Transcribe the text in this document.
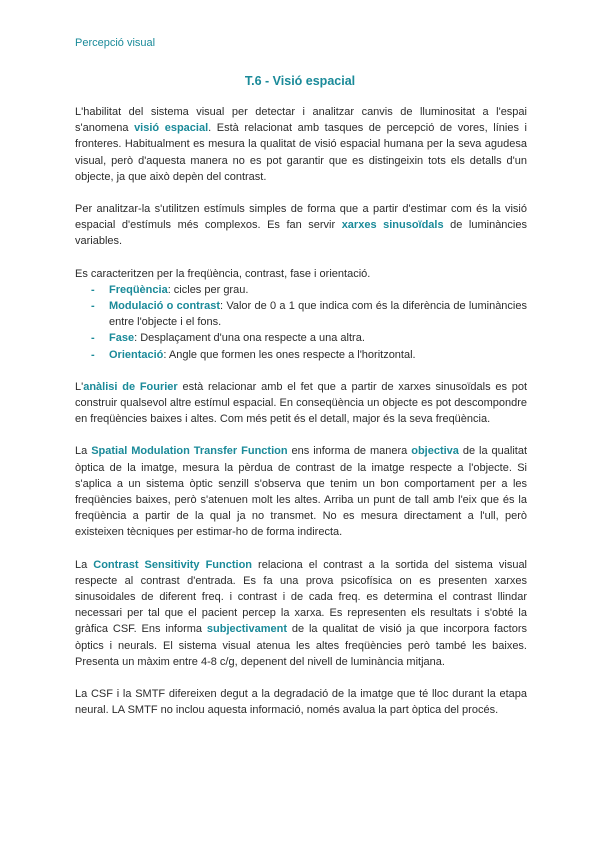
Percepció visual
T.6 - Visió espacial

L'habilitat del sistema visual per detectar i analitzar canvis de lluminositat a l'espai s'anomena visió espacial. Està relacionat amb tasques de percepció de vores, línies i fronteres. Habitualment es mesura la qualitat de visió espacial humana per la seva agudesa visual, però d'aquesta manera no es pot garantir que es distingeixin tots els detalls d'un objecte, ja que això depèn del contrast.

Per analitzar-la s'utilitzen estímuls simples de forma que a partir d'estimar com és la visió espacial d'estímuls més complexos. Es fan servir xarxes sinusoïdals de luminàncies variables.

Es caracteritzen per la freqüència, contrast, fase i orientació.

- Freqüència: cicles per grau.
- Modulació o contrast: Valor de 0 a 1 que indica com és la diferència de luminàncies entre l'objecte i el fons.
- Fase: Desplaçament d'una ona respecte a una altra.
- Orientació: Angle que formen les ones respecte a l'horitzontal.

L'anàlisi de Fourier està relacionar amb el fet que a partir de xarxes sinusoïdals es pot construir qualsevol altre estímul espacial. En conseqüència un objecte es pot descompondre en freqüències baixes i altes. Com més petit és el detall, major és la seva freqüència.

La Spatial Modulation Transfer Function ens informa de manera objectiva de la qualitat òptica de la imatge, mesura la pèrdua de contrast de la imatge respecte a l'objecte. Si s'aplica a un sistema òptic senzill s'observa que tenim un bon comportament per a les freqüències baixes, però s'atenuen molt les altes. Arriba un punt de tall amb l'eix que és la freqüència a partir de la qual ja no transmet. No es mesura directament a l'ull, però existeixen tècniques per estimar-ho de forma indirecta.

La Contrast Sensitivity Function relaciona el contrast a la sortida del sistema visual respecte al contrast d'entrada. Es fa una prova psicofísica on es presenten xarxes sinusoidales de diferent freq. i contrast i de cada freq. es determina el contrast llindar necessari per tal que el pacient percep la xarxa. Es representen els resultats i s'obté la gràfica CSF. Ens informa subjectivament de la qualitat de visió ja que incorpora factors òptics i neurals. El sistema visual atenua les altes freqüències però també les baixes. Presenta un màxim entre 4-8 c/g, depenent del nivell de luminància mitjana.

La CSF i la SMTF difereixen degut a la degradació de la imatge que té lloc durant la etapa neural. LA SMTF no inclou aquesta informació, només avalua la part òptica del procés.
